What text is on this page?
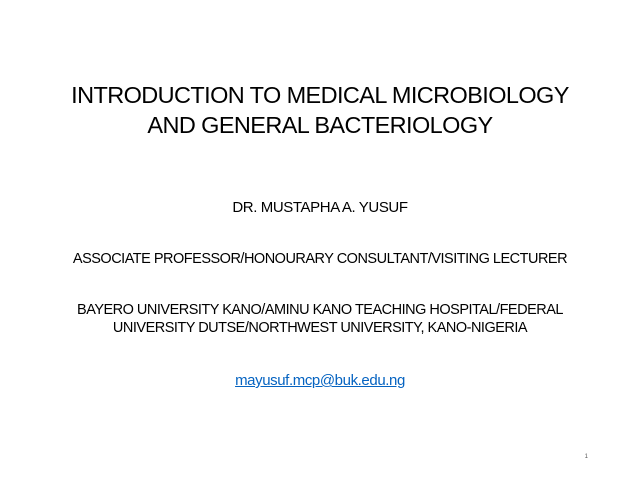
INTRODUCTION TO MEDICAL MICROBIOLOGY
AND GENERAL BACTERIOLOGY
DR. MUSTAPHA A. YUSUF
ASSOCIATE PROFESSOR/HONOURARY CONSULTANT/VISITING LECTURER
BAYERO UNIVERSITY KANO/AMINU KANO TEACHING HOSPITAL/FEDERAL
UNIVERSITY DUTSE/NORTHWEST UNIVERSITY, KANO-NIGERIA
mayusuf.mcp@buk.edu.ng
1
